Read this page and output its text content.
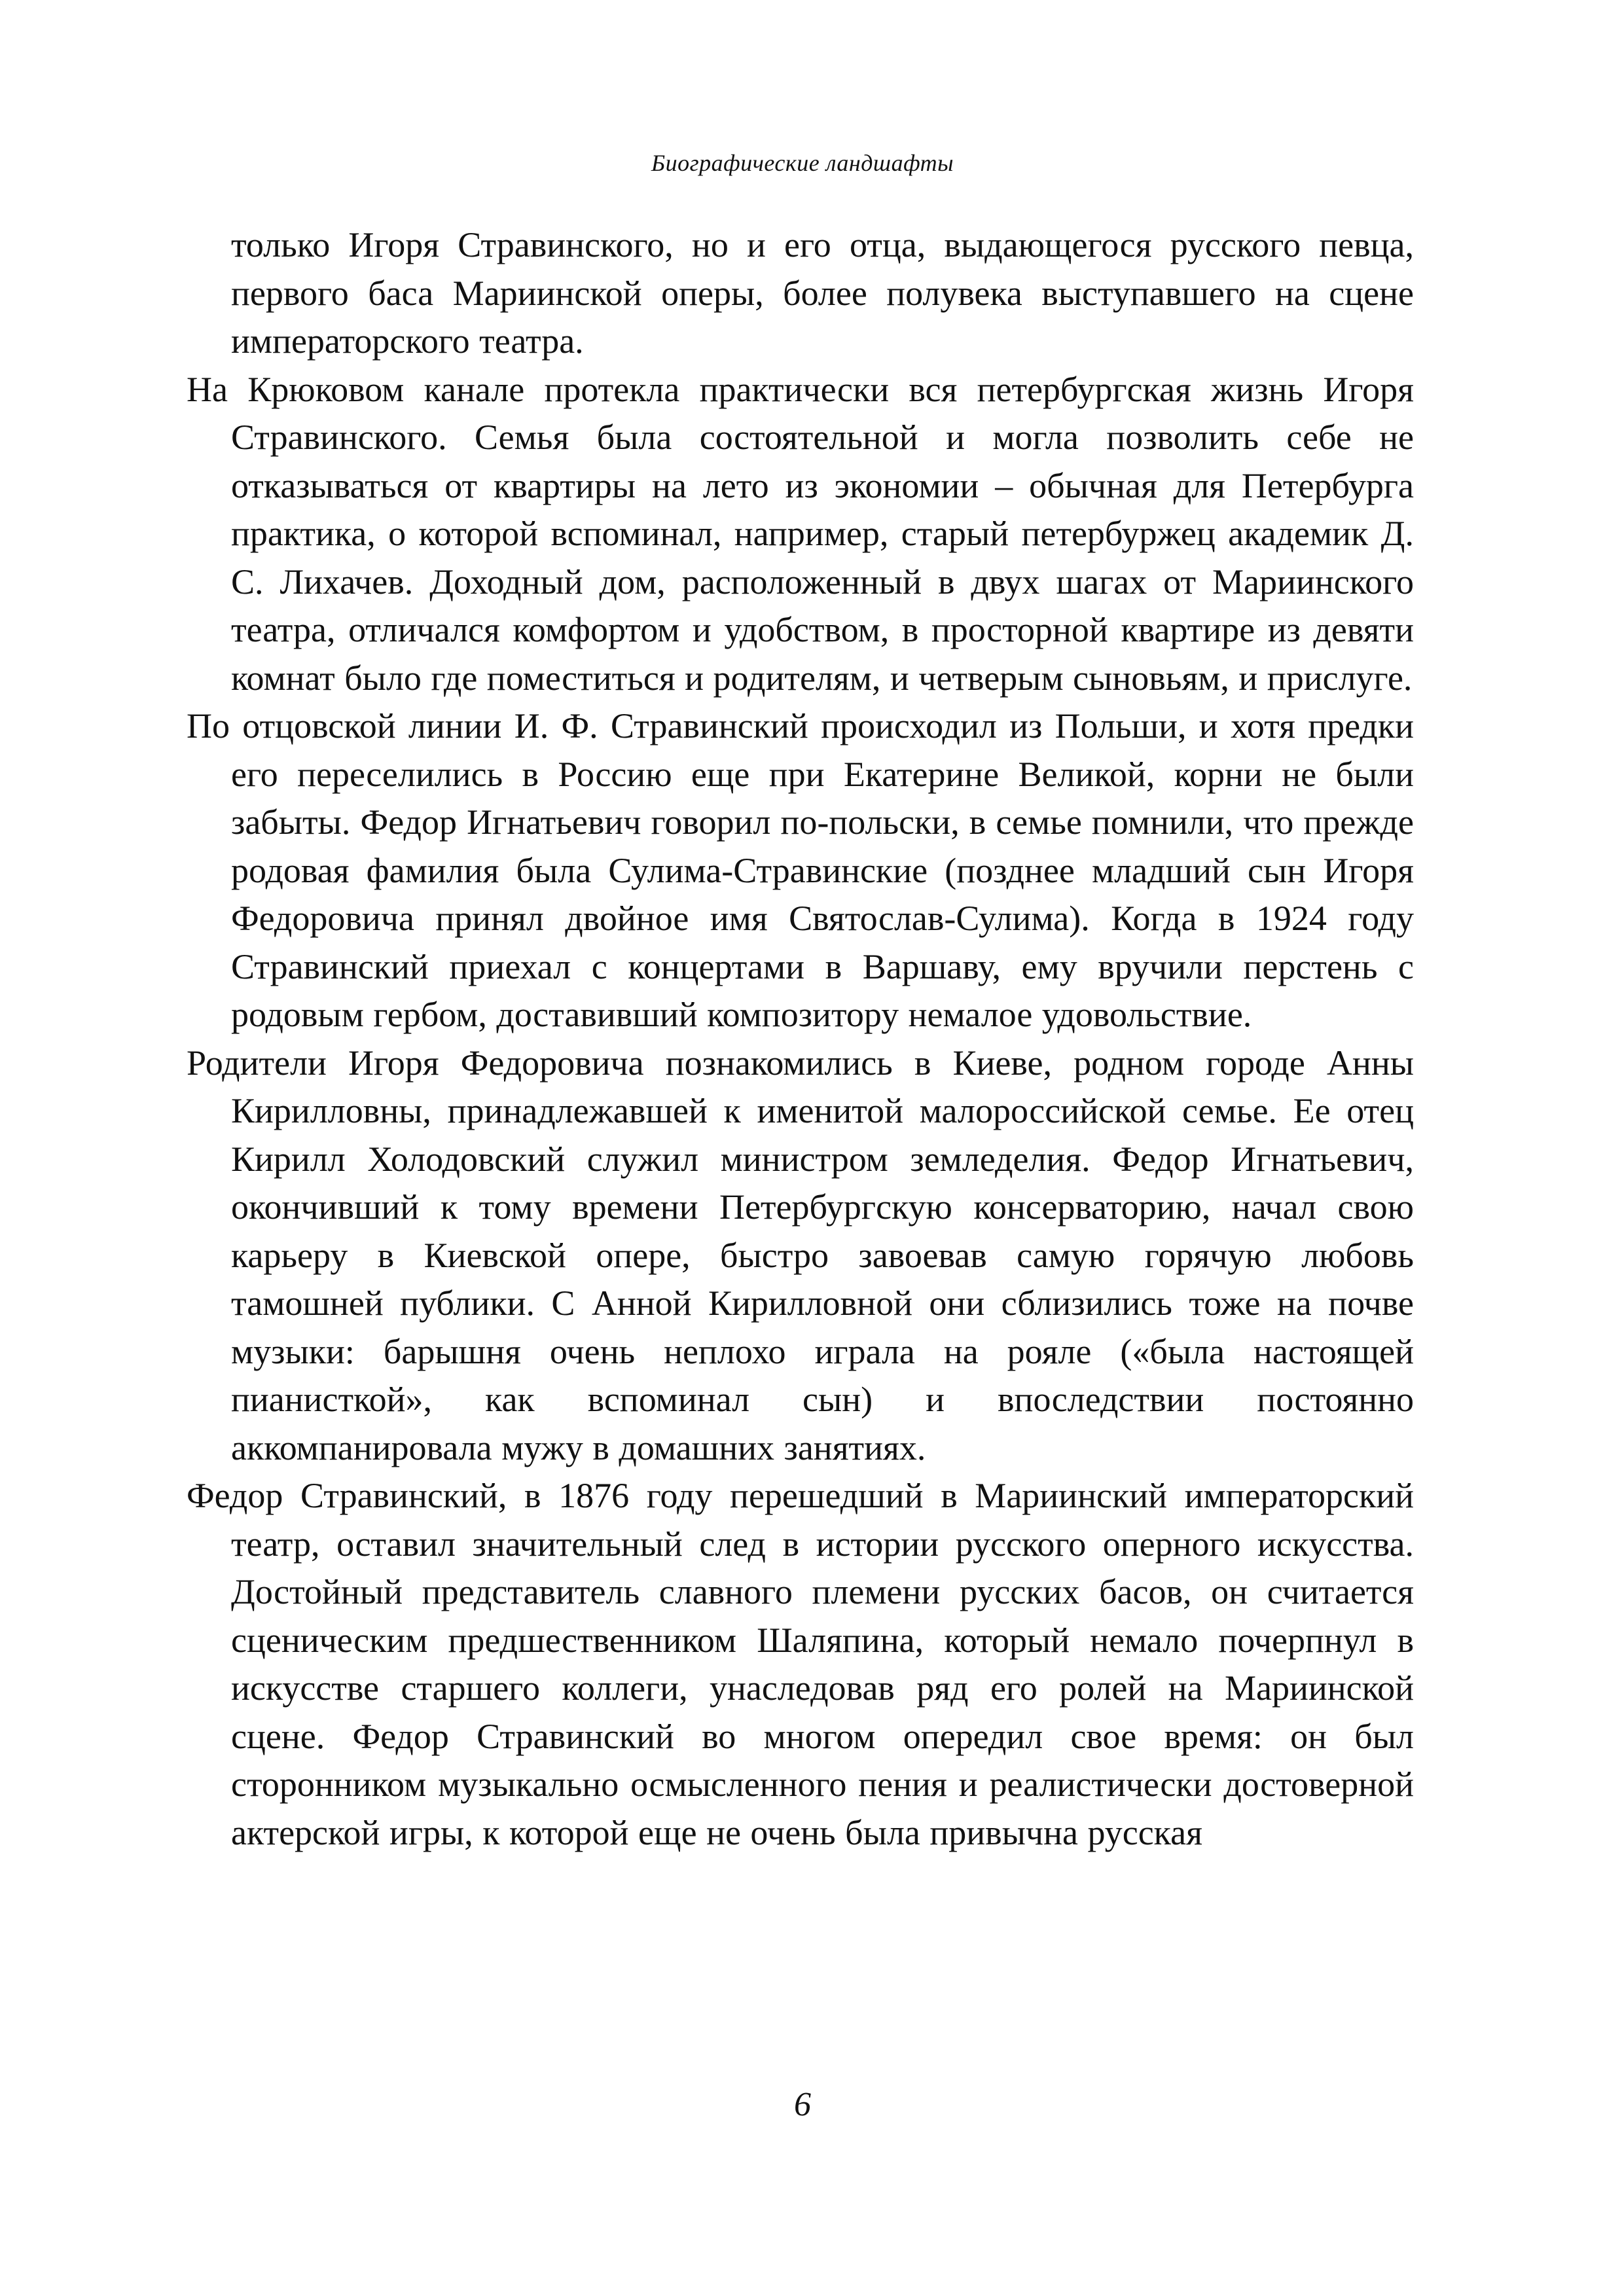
Биографические ландшафты

только Игоря Стравинского, но и его отца, выдающегося русского певца, первого баса Мариинской оперы, более полувека выступавшего на сцене императорского театра.

На Крюковом канале протекла практически вся петербургская жизнь Игоря Стравинского. Семья была состоятельной и могла позволить себе не отказываться от квартиры на лето из экономии – обычная для Петербурга практика, о которой вспоминал, например, старый петербуржец академик Д. С. Лихачев. Доходный дом, расположенный в двух шагах от Мариинского театра, отличался комфортом и удобством, в просторной квартире из девяти комнат было где поместиться и родителям, и четверым сыновьям, и прислуге.

По отцовской линии И. Ф. Стравинский происходил из Польши, и хотя предки его переселились в Россию еще при Екатерине Великой, корни не были забыты. Федор Игнатьевич говорил по-польски, в семье помнили, что прежде родовая фамилия была Сулима-Стравинские (позднее младший сын Игоря Федоровича принял двойное имя Святослав-Сулима). Когда в 1924 году Стравинский приехал с концертами в Варшаву, ему вручили перстень с родовым гербом, доставивший композитору немалое удовольствие.

Родители Игоря Федоровича познакомились в Киеве, родном городе Анны Кирилловны, принадлежавшей к именитой малороссийской семье. Ее отец Кирилл Холодовский служил министром земледелия. Федор Игнатьевич, окончивший к тому времени Петербургскую консерваторию, начал свою карьеру в Киевской опере, быстро завоевав самую горячую любовь тамошней публики. С Анной Кирилловной они сблизились тоже на почве музыки: барышня очень неплохо играла на рояле («была настоящей пианисткой», как вспоминал сын) и впоследствии постоянно аккомпанировала мужу в домашних занятиях.

Федор Стравинский, в 1876 году перешедший в Мариинский императорский театр, оставил значительный след в истории русского оперного искусства. Достойный представитель славного племени русских басов, он считается сценическим предшественником Шаляпина, который немало почерпнул в искусстве старшего коллеги, унаследовав ряд его ролей на Мариинской сцене. Федор Стравинский во многом опередил свое время: он был сторонником музыкально осмысленного пения и реалистически достоверной актерской игры, к которой еще не очень была привычна русская

6
